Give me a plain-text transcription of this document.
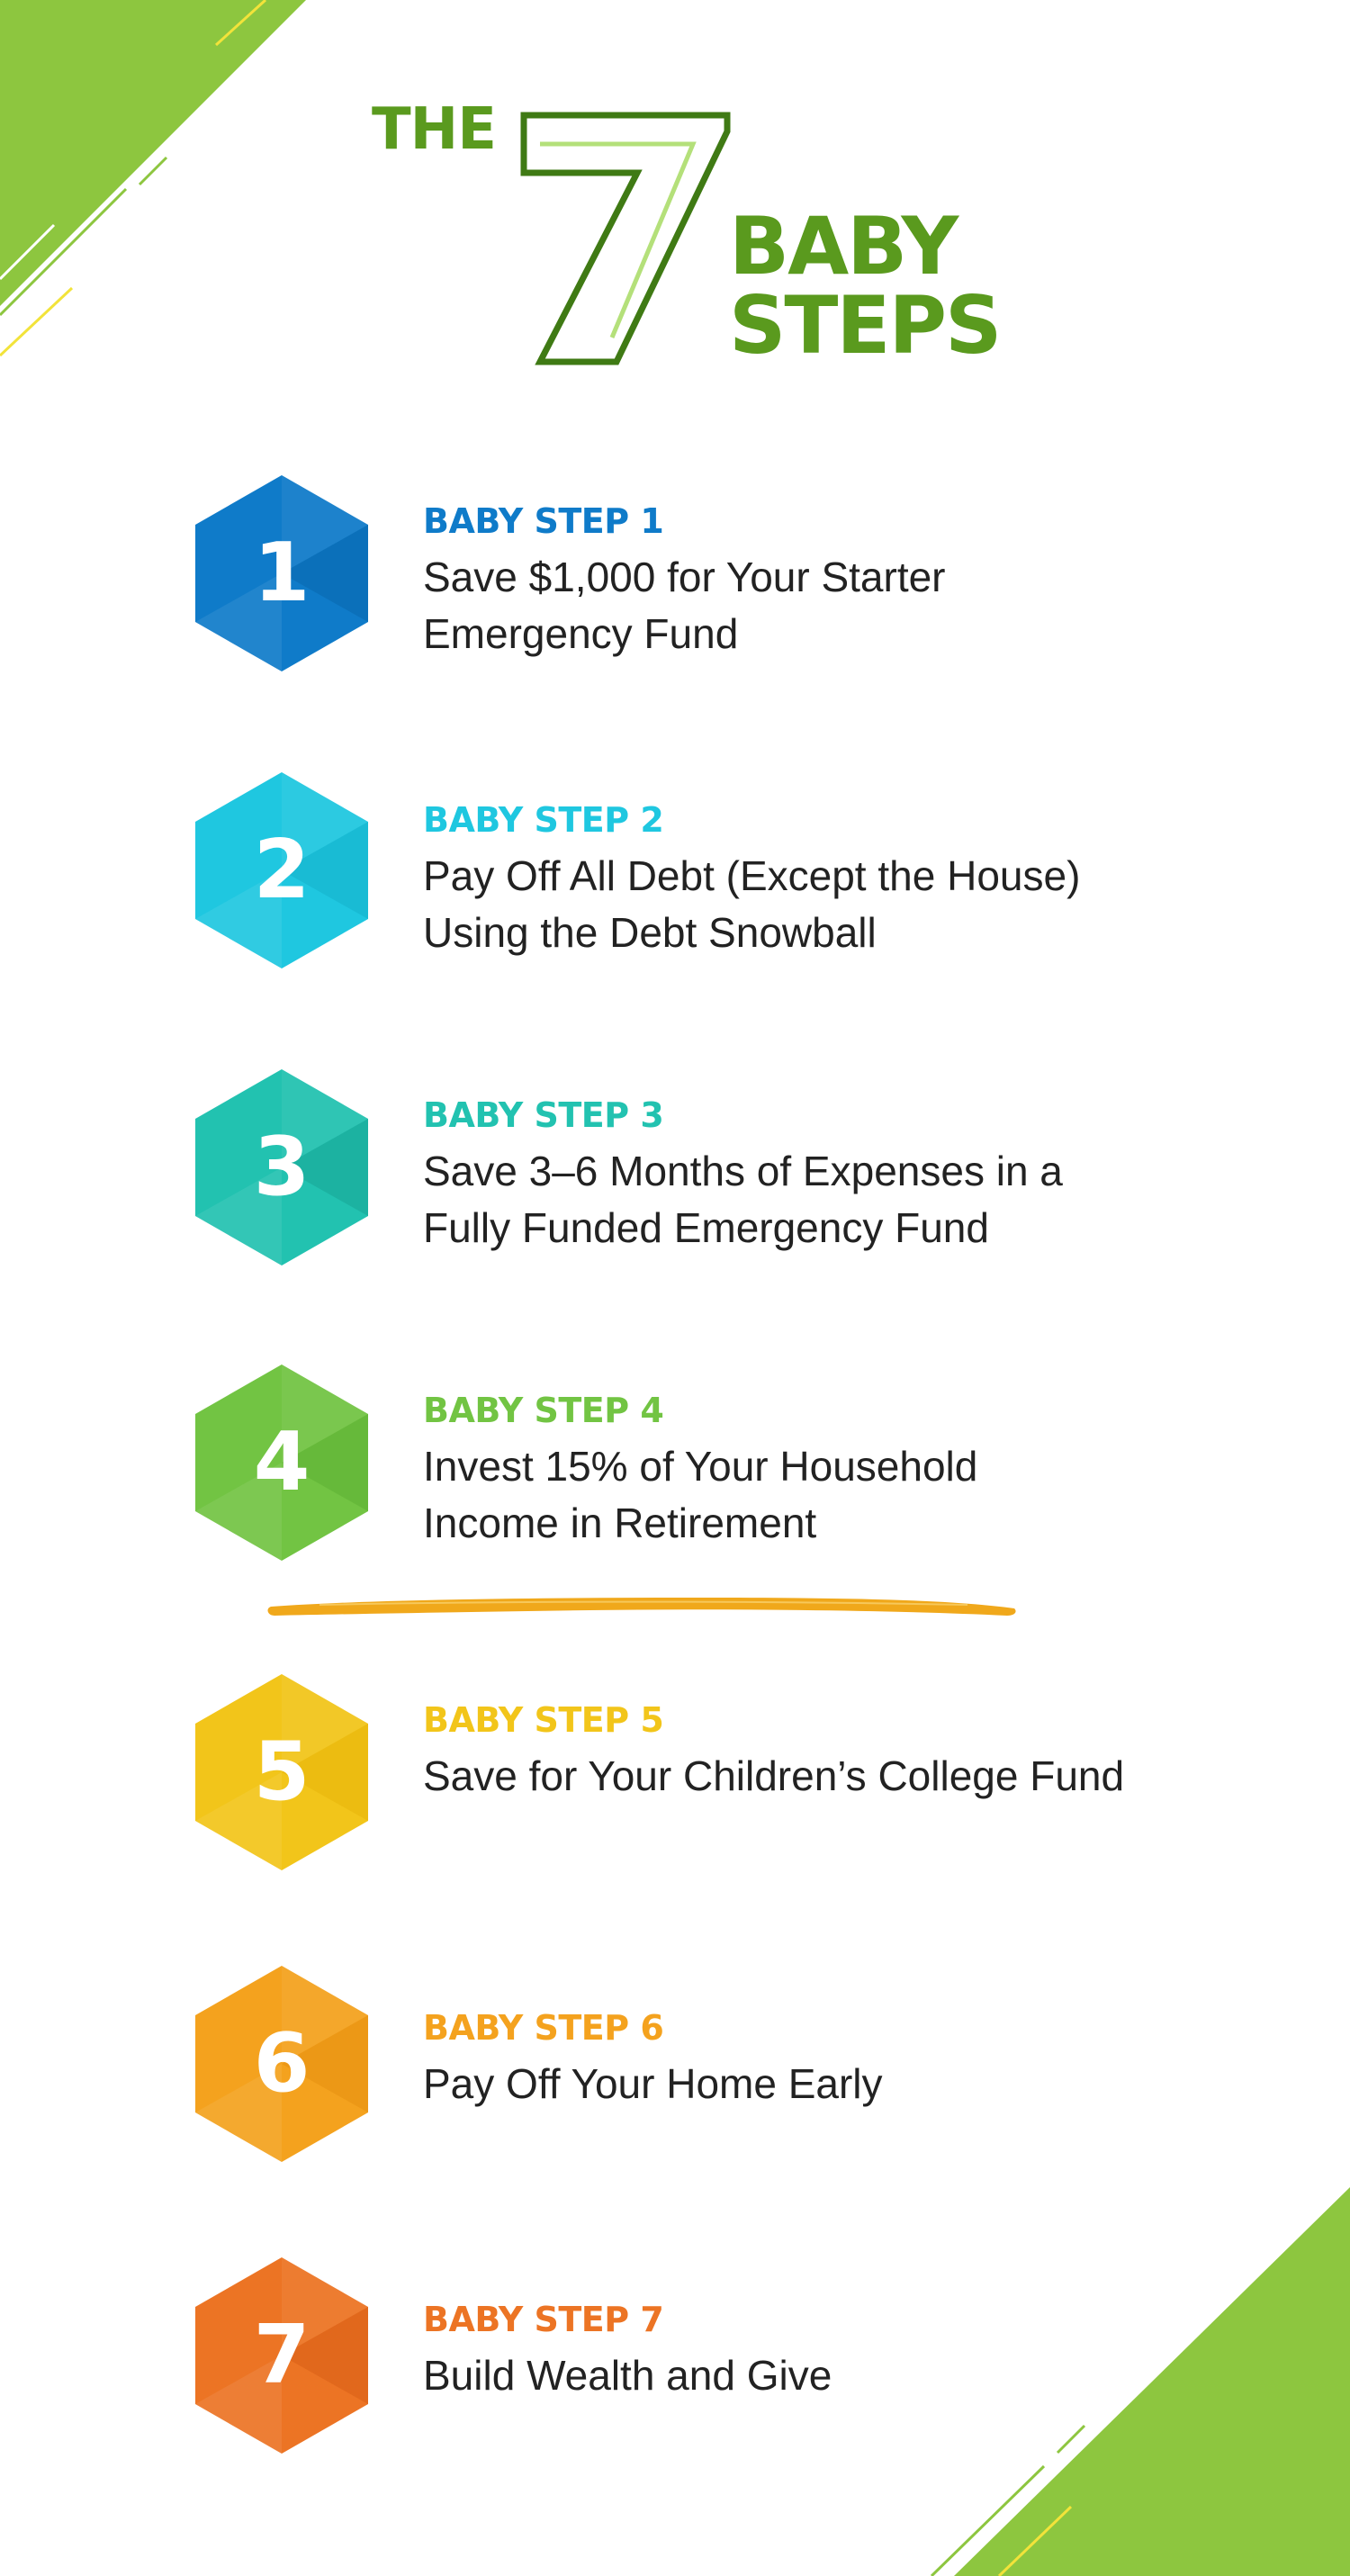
THE
BABY
STEPS
1
BABY STEP 1
Save $1,000 for Your Starter
Emergency Fund
2
BABY STEP 2
Pay Off All Debt (Except the House)
Using the Debt Snowball
3
BABY STEP 3
Save 3–6 Months of Expenses in a
Fully Funded Emergency Fund
4
BABY STEP 4
Invest 15% of Your Household
Income in Retirement
5
BABY STEP 5
Save for Your Children’s College Fund
6	BABY STEP 6
Pay Off Your Home Early
7	BABY STEP 7
Build Wealth and Give
